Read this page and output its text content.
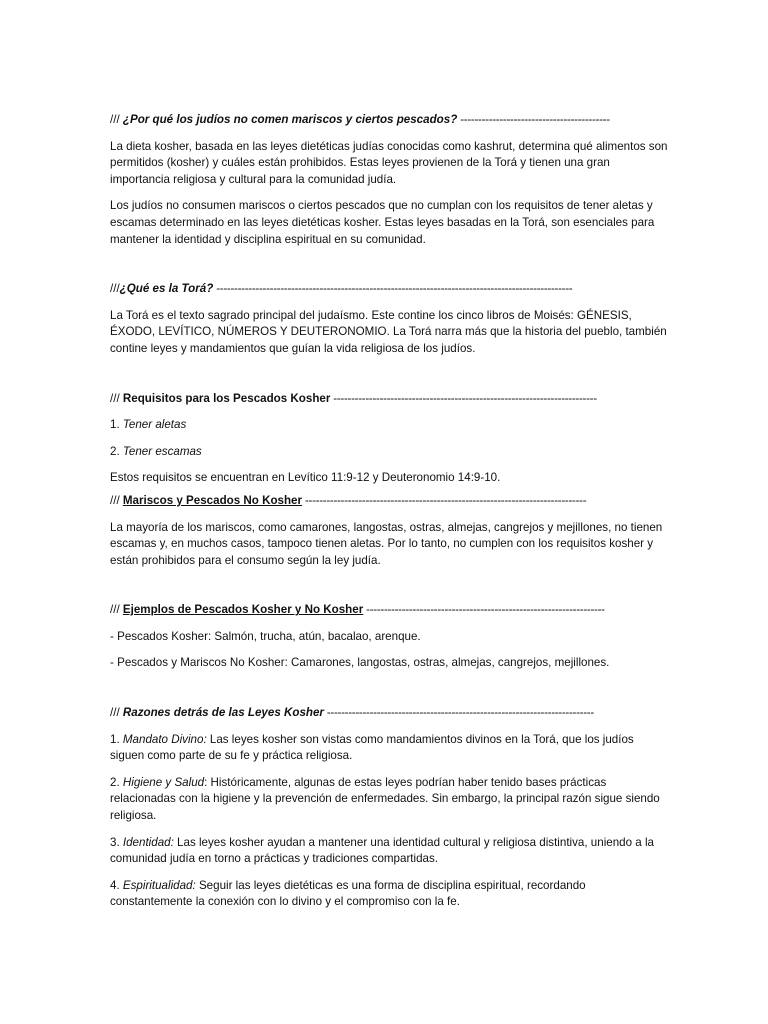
/// ¿Por qué los judíos no comen mariscos y ciertos pescados? ------------------------------------------

La dieta kosher, basada en las leyes dietéticas judías conocidas como kashrut, determina qué alimentos son permitidos (kosher) y cuáles están prohibidos. Estas leyes provienen de la Torá y tienen una gran importancia religiosa y cultural para la comunidad judía.

Los judíos no consumen mariscos o ciertos pescados que no cumplan con los requisitos de tener aletas y escamas determinado en las leyes dietéticas kosher. Estas leyes basadas en la Torá, son esenciales para mantener la identidad y disciplina espiritual en su comunidad.

///¿Qué es la Torá? ----------------------------------------------------------------------------------------------------

La Torá es el texto sagrado principal del judaísmo. Este contine los cinco libros de Moisés: GÉNESIS, ÉXODO, LEVÍTICO, NÚMEROS Y DEUTERONOMIO. La Torá narra más que la historia del pueblo, también contine leyes y mandamientos que guían la vida religiosa de los judíos.

/// Requisitos para los Pescados Kosher --------------------------------------------------------------------------

1. Tener aletas

2. Tener escamas

Estos requisitos se encuentran en Levítico 11:9-12 y Deuteronomio 14:9-10.

/// Mariscos y Pescados No Kosher -------------------------------------------------------------------------------

La mayoría de los mariscos, como camarones, langostas, ostras, almejas, cangrejos y mejillones, no tienen escamas y, en muchos casos, tampoco tienen aletas. Por lo tanto, no cumplen con los requisitos kosher y están prohibidos para el consumo según la ley judía.

/// Ejemplos de Pescados Kosher y No Kosher -------------------------------------------------------------------

- Pescados Kosher: Salmón, trucha, atún, bacalao, arenque.

- Pescados y Mariscos No Kosher: Camarones, langostas, ostras, almejas, cangrejos, mejillones.

/// Razones detrás de las Leyes Kosher ---------------------------------------------------------------------------

1. Mandato Divino: Las leyes kosher son vistas como mandamientos divinos en la Torá, que los judíos siguen como parte de su fe y práctica religiosa.

2. Higiene y Salud: Históricamente, algunas de estas leyes podrían haber tenido bases prácticas relacionadas con la higiene y la prevención de enfermedades. Sin embargo, la principal razón sigue siendo religiosa.

3. Identidad: Las leyes kosher ayudan a mantener una identidad cultural y religiosa distintiva, uniendo a la comunidad judía en torno a prácticas y tradiciones compartidas.

4. Espiritualidad: Seguir las leyes dietéticas es una forma de disciplina espiritual, recordando constantemente la conexión con lo divino y el compromiso con la fe.
